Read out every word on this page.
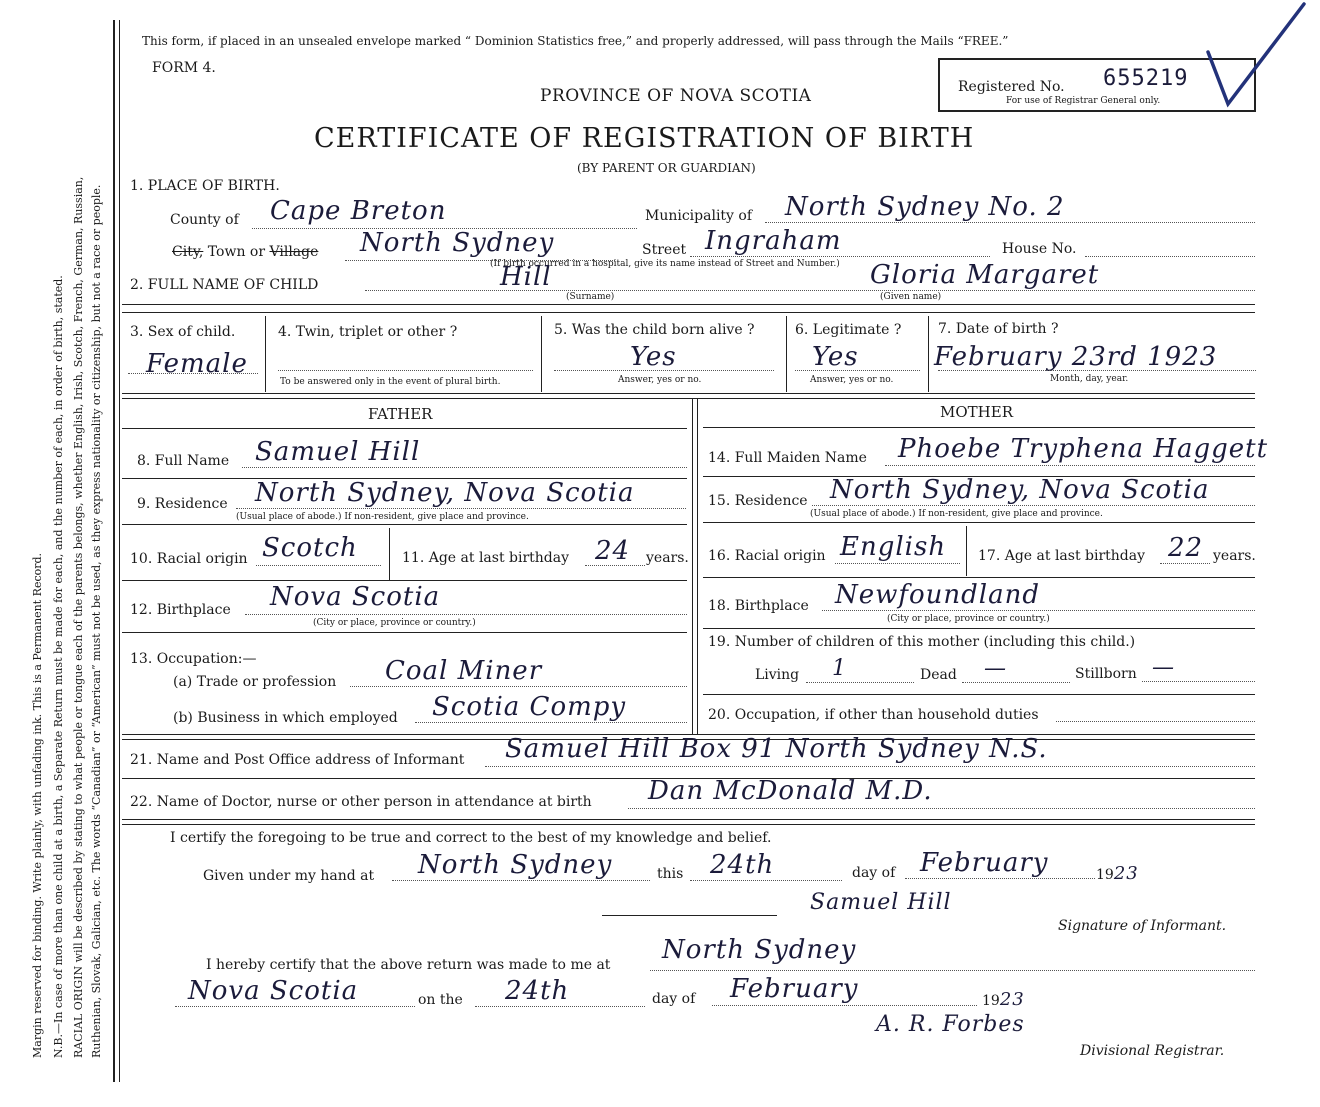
Margin reserved for binding. Write plainly, with unfading ink. This is a Permanent Record. N.B.—In case of more than one child at a birth, a Separate Return must be made for each, and the number of each, in order of birth, stated. RACIAL ORIGIN will be described by stating to what people or tongue each of the parents belongs, whether English, Irish, Scotch, French, German, Russian, Ruthenian, Slovak, Galician, etc. The words “Canadian” or “American” must not be used, as they express nationality or citizenship, but not a race or people.
This form, if placed in an unsealed envelope marked “ Dominion Statistics free,” and properly addressed, will pass through the Mails “FREE.”
FORM 4.
PROVINCE OF NOVA SCOTIA
CERTIFICATE OF REGISTRATION OF BIRTH
(BY PARENT OR GUARDIAN)
Registered No. 655219
For use of Registrar General only.
1. PLACE OF BIRTH.
County of Cape Breton	Municipality of North Sydney No. 2
City, Town or Village North Sydney	Street Ingraham	House No.
(If birth occurred in a hospital, give its name instead of Street and Number.)
2. FULL NAME OF CHILD	Hill
(Surname)
Gloria Margaret
(Given name)
3. Sex of child.
Female
4. Twin, triplet or other ?
To be answered only in the event of plural birth.
5. Was the child born alive ?
Yes
Answer, yes or no.
6. Legitimate ?
Yes
Answer, yes or no.
7. Date of birth ?
February 23rd 1923
Month, day, year.
FATHER	MOTHER
8. Full Name Samuel Hill
9. Residence North Sydney, Nova Scotia
(Usual place of abode.) If non-resident, give place and province.
10. Racial origin Scotch	11. Age at last birthday 24 years.
12. Birthplace Nova Scotia
(City or place, province or country.)
13. Occupation:—
(a) Trade or profession Coal Miner
(b) Business in which employed Scotia Compy
14. Full Maiden Name Phoebe Tryphena Haggett
15. Residence North Sydney, Nova Scotia
(Usual place of abode.) If non-resident, give place and province.
16. Racial origin English 17. Age at last birthday 22 years.
18. Birthplace Newfoundland
(City or place, province or country.)
19. Number of children of this mother (including this child.)
Living 1	Dead —	Stillborn —
20. Occupation, if other than household duties
21. Name and Post Office address of Informant Samuel Hill Box 91 North Sydney N.S.
22. Name of Doctor, nurse or other person in attendance at birth Dan McDonald M.D.
I certify the foregoing to be true and correct to the best of my knowledge and belief.
Given under my hand at North Sydney	this 24th	day of February	1923
Samuel Hill
Signature of Informant.
I hereby certify that the above return was made to me at North Sydney
Nova Scotia	on the 24th	day of February	1923
A. R. Forbes
Divisional Registrar.
